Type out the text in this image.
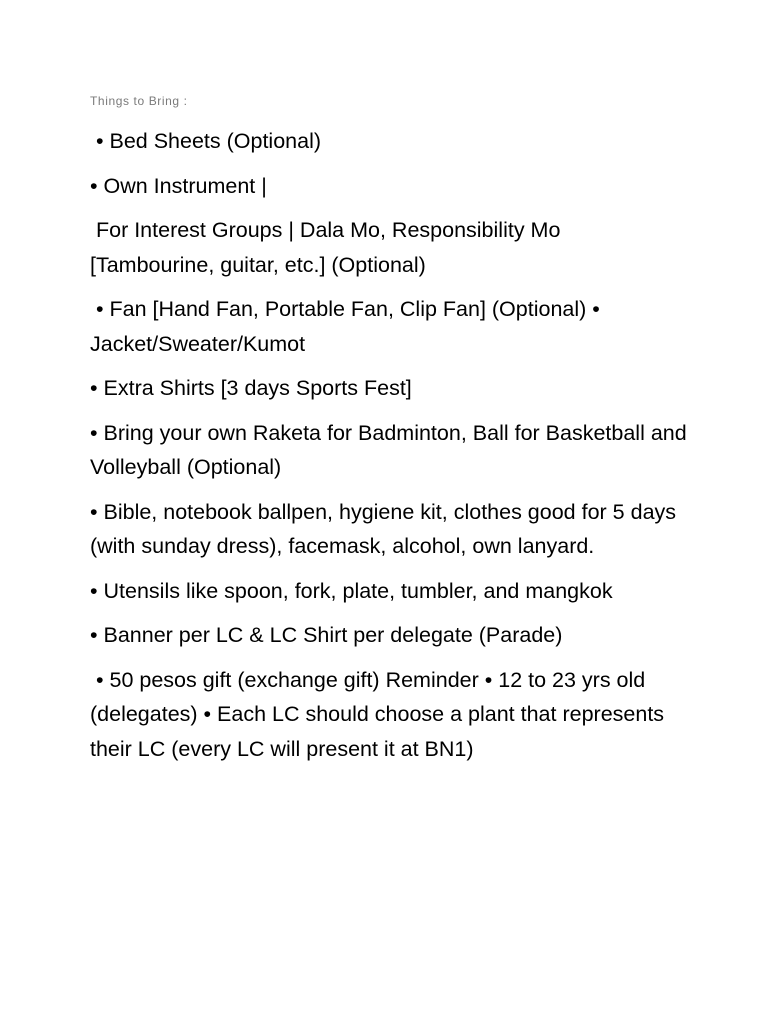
Things to Bring :

• Bed Sheets (Optional)

• Own Instrument |

For Interest Groups | Dala Mo, Responsibility Mo [Tambourine, guitar, etc.] (Optional)

• Fan [Hand Fan, Portable Fan, Clip Fan] (Optional) • Jacket/Sweater/Kumot

• Extra Shirts [3 days Sports Fest]

• Bring your own Raketa for Badminton, Ball for Basketball and Volleyball (Optional)

• Bible, notebook ballpen, hygiene kit, clothes good for 5 days (with sunday dress), facemask, alcohol, own lanyard.

• Utensils like spoon, fork, plate, tumbler, and mangkok

• Banner per LC & LC Shirt per delegate (Parade)

• 50 pesos gift (exchange gift) Reminder • 12 to 23 yrs old (delegates) • Each LC should choose a plant that represents their LC (every LC will present it at BN1)
